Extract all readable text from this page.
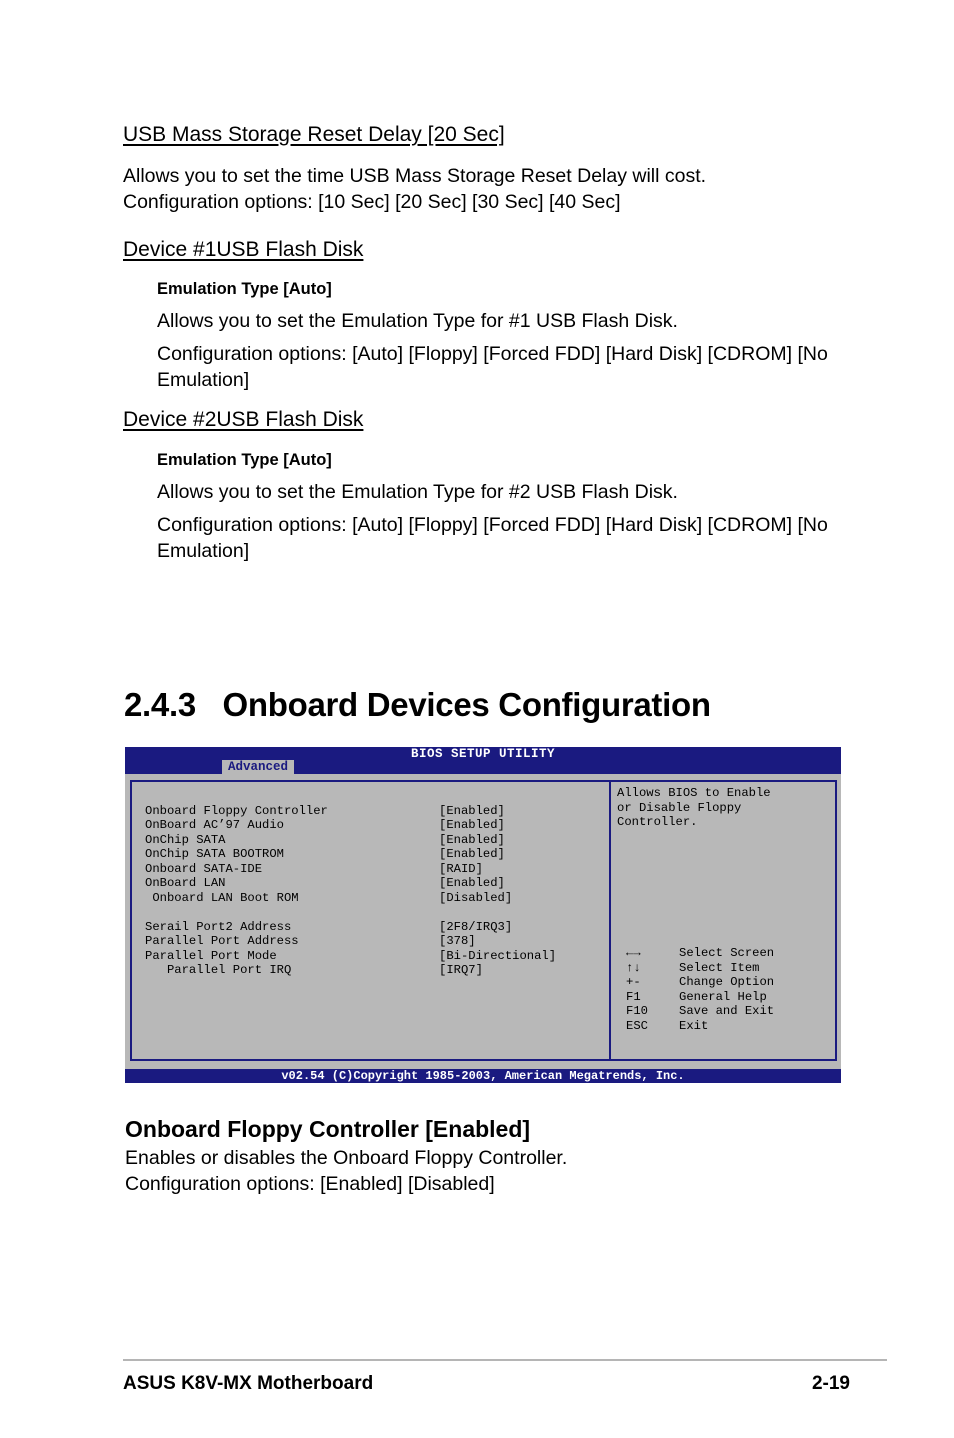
USB Mass Storage Reset Delay [20 Sec]
Allows you to set the time USB Mass Storage Reset Delay will cost.
Configuration options: [10 Sec] [20 Sec] [30 Sec] [40 Sec]
Device #1USB Flash Disk
Emulation Type [Auto]
Allows you to set the Emulation Type for #1 USB Flash Disk.
Configuration options: [Auto] [Floppy] [Forced FDD] [Hard Disk] [CDROM] [No Emulation]
Device #2USB Flash Disk
Emulation Type [Auto]
Allows you to set the Emulation Type for #2 USB Flash Disk.
Configuration options: [Auto] [Floppy] [Forced FDD] [Hard Disk] [CDROM] [No Emulation]
2.4.3   Onboard Devices Configuration
BIOS SETUP UTILITY
Advanced

Onboard Floppy Controller	[Enabled]

OnBoard AC’97 Audio	[Enabled]

OnChip SATA	[Enabled]

OnChip SATA BOOTROM	[Enabled]

Onboard SATA-IDE	[RAID]

OnBoard LAN	[Enabled]

Onboard LAN Boot ROM	[Disabled]

Serail Port2 Address	[2F8/IRQ3]

Parallel Port Address	[378]

Parallel Port Mode	[Bi-Directional]

Parallel Port IRQ	[IRQ7]

Allows BIOS to Enable
or Disable Floppy
Controller.
←→	Select Screen
↑↓	Select Item
+-	Change Option
F1	General Help
F10	Save and Exit
ESC	Exit
v02.54 (C)Copyright 1985-2003, American Megatrends, Inc.
Onboard Floppy Controller [Enabled]
Enables or disables the Onboard Floppy Controller.
Configuration options: [Enabled] [Disabled]
ASUS K8V-MX Motherboard	2-19
